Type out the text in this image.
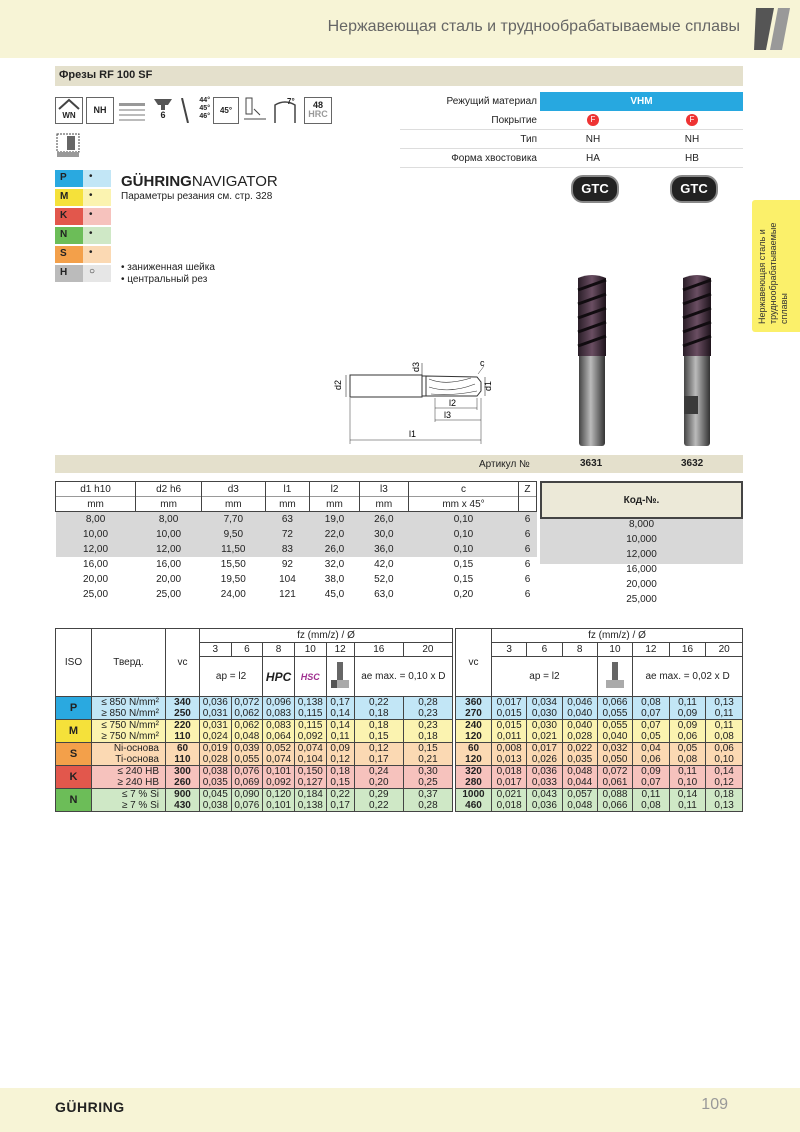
Нержавеющая сталь и труднообрабатываемые сплавы
Фрезы RF 100 SF
WN
NH	6
44°
45°
46°
45°
7°	48
HRC
Режущий материал	VHM
Покрытие	F	F
Тип	NH	NH
Форма хвостовика	HA	HB
GTC	GTC
Нержавеющая сталь и труднообрабатываемые сплавы
P	•
M	•
K	•
N	•
S	•
H	○
GÜHRINGNAVIGATOR
Параметры резания см. стр. 328
• заниженная шейка
• центральный рез
d2
d3	c
d1
l2
l3
l1
Артикул №	3631	3632
d1 h10	d2 h6	d3	l1	l2	l3	c	Z
mm	mm	mm	mm	mm	mm	mm x 45°	
8,00	8,00	7,70	63	19,0	26,0	0,10	6
10,00	10,00	9,50	72	22,0	30,0	0,10	6
12,00	12,00	11,50	83	26,0	36,0	0,10	6
16,00	16,00	15,50	92	32,0	42,0	0,15	6
20,00	20,00	19,50	104	38,0	52,0	0,15	6
25,00	25,00	24,00	121	45,0	63,0	0,20	6
Код-№.
8,000
10,000
12,000
16,000
20,000
25,000
ISO	Тверд.	vc	fz (mm/z) / Ø						
			3	6	8	10	12	16	20
			ap = l2		HPC	HSC		ae max. = 0,10 x D	
P	≤ 850 N/mm²	340	0,036	0,072	0,096	0,138	0,17	0,22	0,28
	≥ 850 N/mm²	250	0,031	0,062	0,083	0,115	0,14	0,18	0,23
M	≤ 750 N/mm²	220	0,031	0,062	0,083	0,115	0,14	0,18	0,23
	≥ 750 N/mm²	110	0,024	0,048	0,064	0,092	0,11	0,15	0,18
S	Ni-основа	60	0,019	0,039	0,052	0,074	0,09	0,12	0,15
	Ti-основа	110	0,028	0,055	0,074	0,104	0,12	0,17	0,21
K	≤ 240 HB	300	0,038	0,076	0,101	0,150	0,18	0,24	0,30
	≥ 240 HB	260	0,035	0,069	0,092	0,127	0,15	0,20	0,25
N	≤ 7 % Si	900	0,045	0,090	0,120	0,184	0,22	0,29	0,37
	≥ 7 % Si	430	0,038	0,076	0,101	0,138	0,17	0,22	0,28
vc	fz (mm/z) / Ø						
	3	6	8	10	12	16	20
	ap = l2				ae max. = 0,02 x D		
360	0,017	0,034	0,046	0,066	0,08	0,11	0,13
270	0,015	0,030	0,040	0,055	0,07	0,09	0,11
240	0,015	0,030	0,040	0,055	0,07	0,09	0,11
120	0,011	0,021	0,028	0,040	0,05	0,06	0,08
60	0,008	0,017	0,022	0,032	0,04	0,05	0,06
120	0,013	0,026	0,035	0,050	0,06	0,08	0,10
320	0,018	0,036	0,048	0,072	0,09	0,11	0,14
280	0,017	0,033	0,044	0,061	0,07	0,10	0,12
1000	0,021	0,043	0,057	0,088	0,11	0,14	0,18
460	0,018	0,036	0,048	0,066	0,08	0,11	0,13
GÜHRING	109
